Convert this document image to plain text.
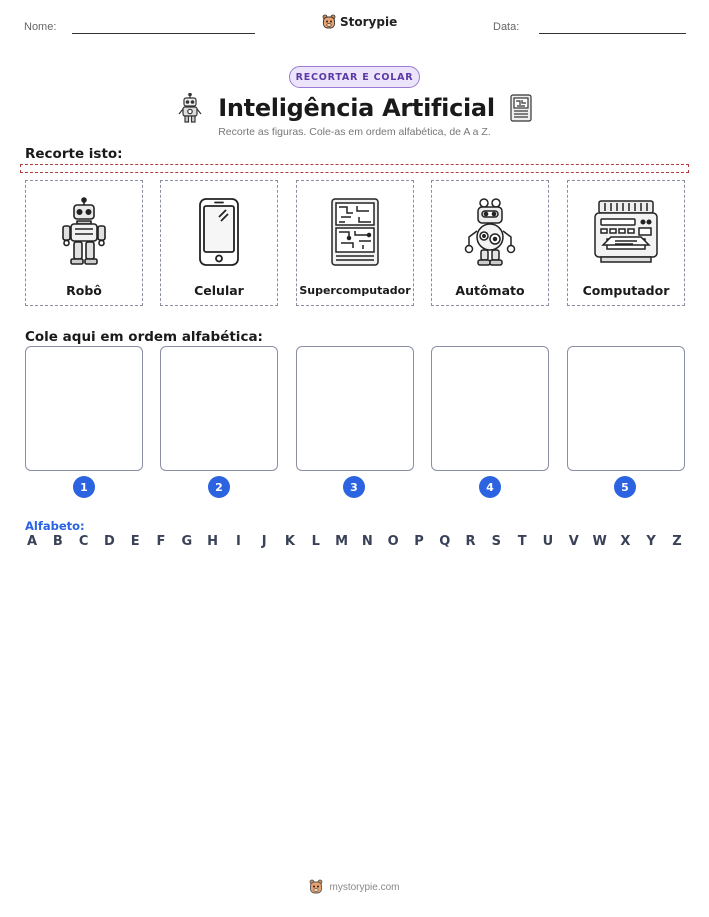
Nome:	Storypie	Data:
RECORTAR E COLAR
Inteligência Artificial
Recorte as figuras. Cole-as em ordem alfabética, de A a Z.
Recorte isto:
Robô	Celular	Supercomputador	Autômato	Computador
Cole aqui em ordem alfabética:
1	2	3	4	5
Alfabeto:
A B C D E F G H	I	J	K L M N O P Q R S T U V W X Y Z
mystorypie.com
